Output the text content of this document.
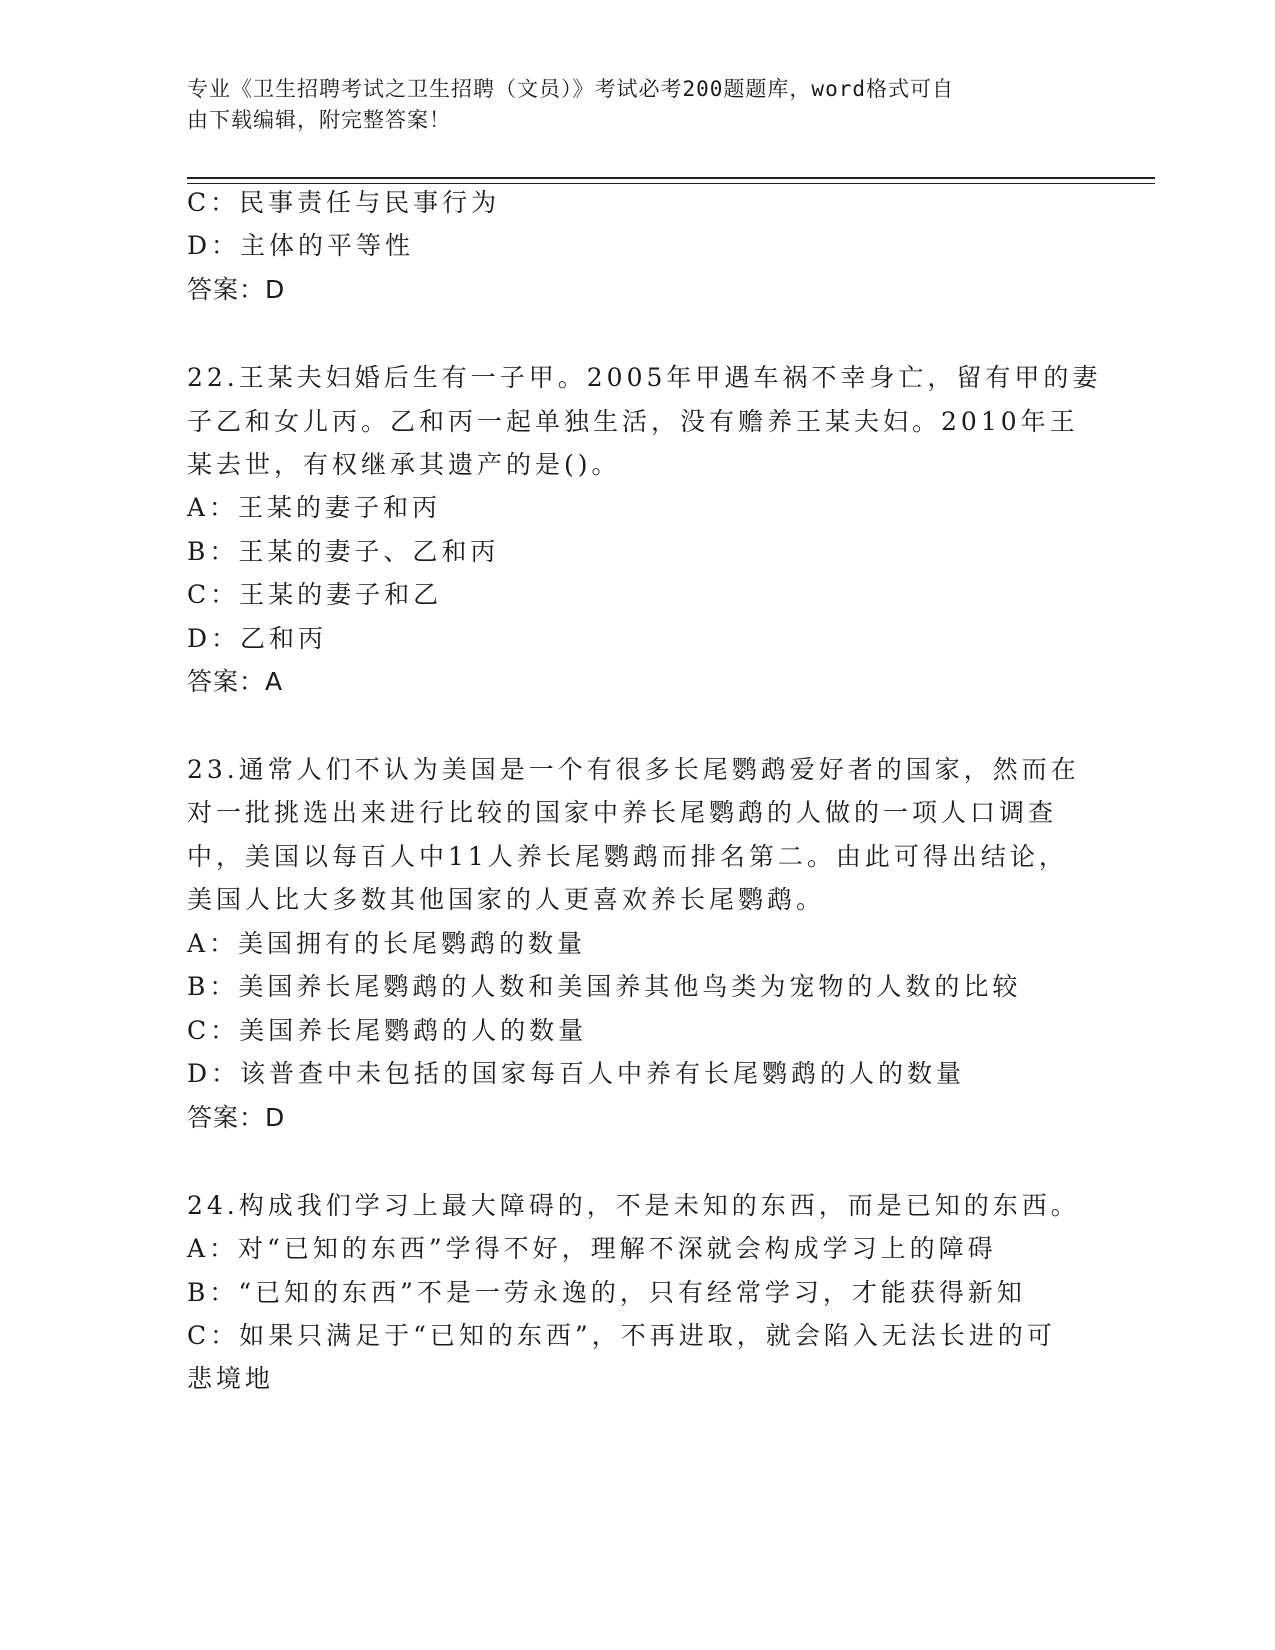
专业《卫生招聘考试之卫生招聘（文员）》考试必考200题题库，word格式可自
由下载编辑，附完整答案！
C：民事责任与民事行为
D：主体的平等性
答案：D
22.王某夫妇婚后生有一子甲。2005年甲遇车祸不幸身亡，留有甲的妻
子乙和女儿丙。乙和丙一起单独生活，没有赡养王某夫妇。2010年王
某去世，有权继承其遗产的是()。
A：王某的妻子和丙
B：王某的妻子、乙和丙
C：王某的妻子和乙
D：乙和丙
答案：A
23.通常人们不认为美国是一个有很多长尾鹦鹉爱好者的国家，然而在
对一批挑选出来进行比较的国家中养长尾鹦鹉的人做的一项人口调查
中，美国以每百人中11人养长尾鹦鹉而排名第二。由此可得出结论，
美国人比大多数其他国家的人更喜欢养长尾鹦鹉。
A：美国拥有的长尾鹦鹉的数量
B：美国养长尾鹦鹉的人数和美国养其他鸟类为宠物的人数的比较
C：美国养长尾鹦鹉的人的数量
D：该普查中未包括的国家每百人中养有长尾鹦鹉的人的数量
答案：D
24.构成我们学习上最大障碍的，不是未知的东西，而是已知的东西。
A：对“已知的东西”学得不好，理解不深就会构成学习上的障碍
B：“已知的东西”不是一劳永逸的，只有经常学习，才能获得新知
C：如果只满足于“已知的东西”，不再进取，就会陷入无法长进的可
悲境地
